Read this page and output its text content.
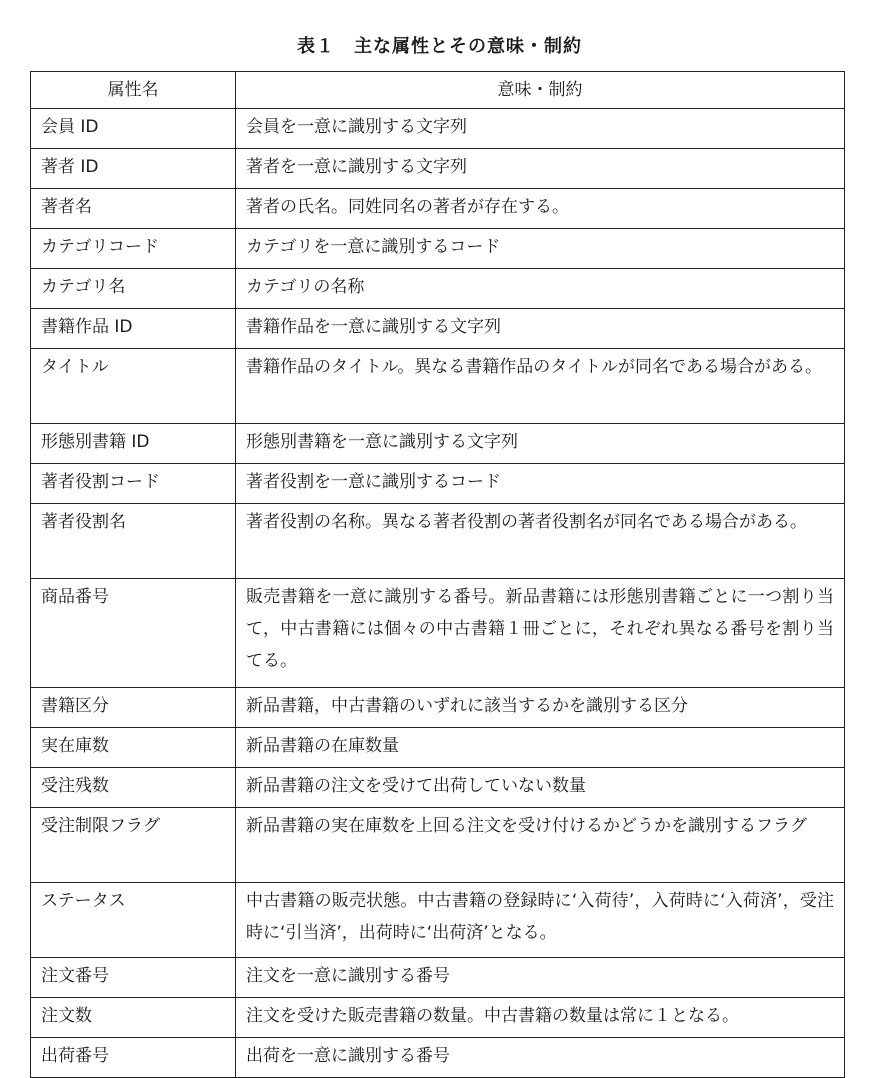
表１　主な属性とその意味・制約
属性名	意味・制約
会員 ID	会員を一意に識別する文字列
著者 ID	著者を一意に識別する文字列
著者名	著者の氏名。同姓同名の著者が存在する。
カテゴリコード	カテゴリを一意に識別するコード
カテゴリ名	カテゴリの名称
書籍作品 ID	書籍作品を一意に識別する文字列
タイトル	書籍作品のタイトル。異なる書籍作品のタイトルが同名である場合がある。
形態別書籍 ID	形態別書籍を一意に識別する文字列
著者役割コード	著者役割を一意に識別するコード
著者役割名	著者役割の名称。異なる著者役割の著者役割名が同名である場合がある。
商品番号	販売書籍を一意に識別する番号。新品書籍には形態別書籍ごとに一つ割り当て，中古書籍には個々の中古書籍１冊ごとに，それぞれ異なる番号を割り当てる。
書籍区分	新品書籍，中古書籍のいずれに該当するかを識別する区分
実在庫数	新品書籍の在庫数量
受注残数	新品書籍の注文を受けて出荷していない数量
受注制限フラグ	新品書籍の実在庫数を上回る注文を受け付けるかどうかを識別するフラグ
ステータス	中古書籍の販売状態。中古書籍の登録時に‘入荷待’，入荷時に‘入荷済’，受注時に‘引当済’，出荷時に‘出荷済’となる。
注文番号	注文を一意に識別する番号
注文数	注文を受けた販売書籍の数量。中古書籍の数量は常に１となる。
出荷番号	出荷を一意に識別する番号
